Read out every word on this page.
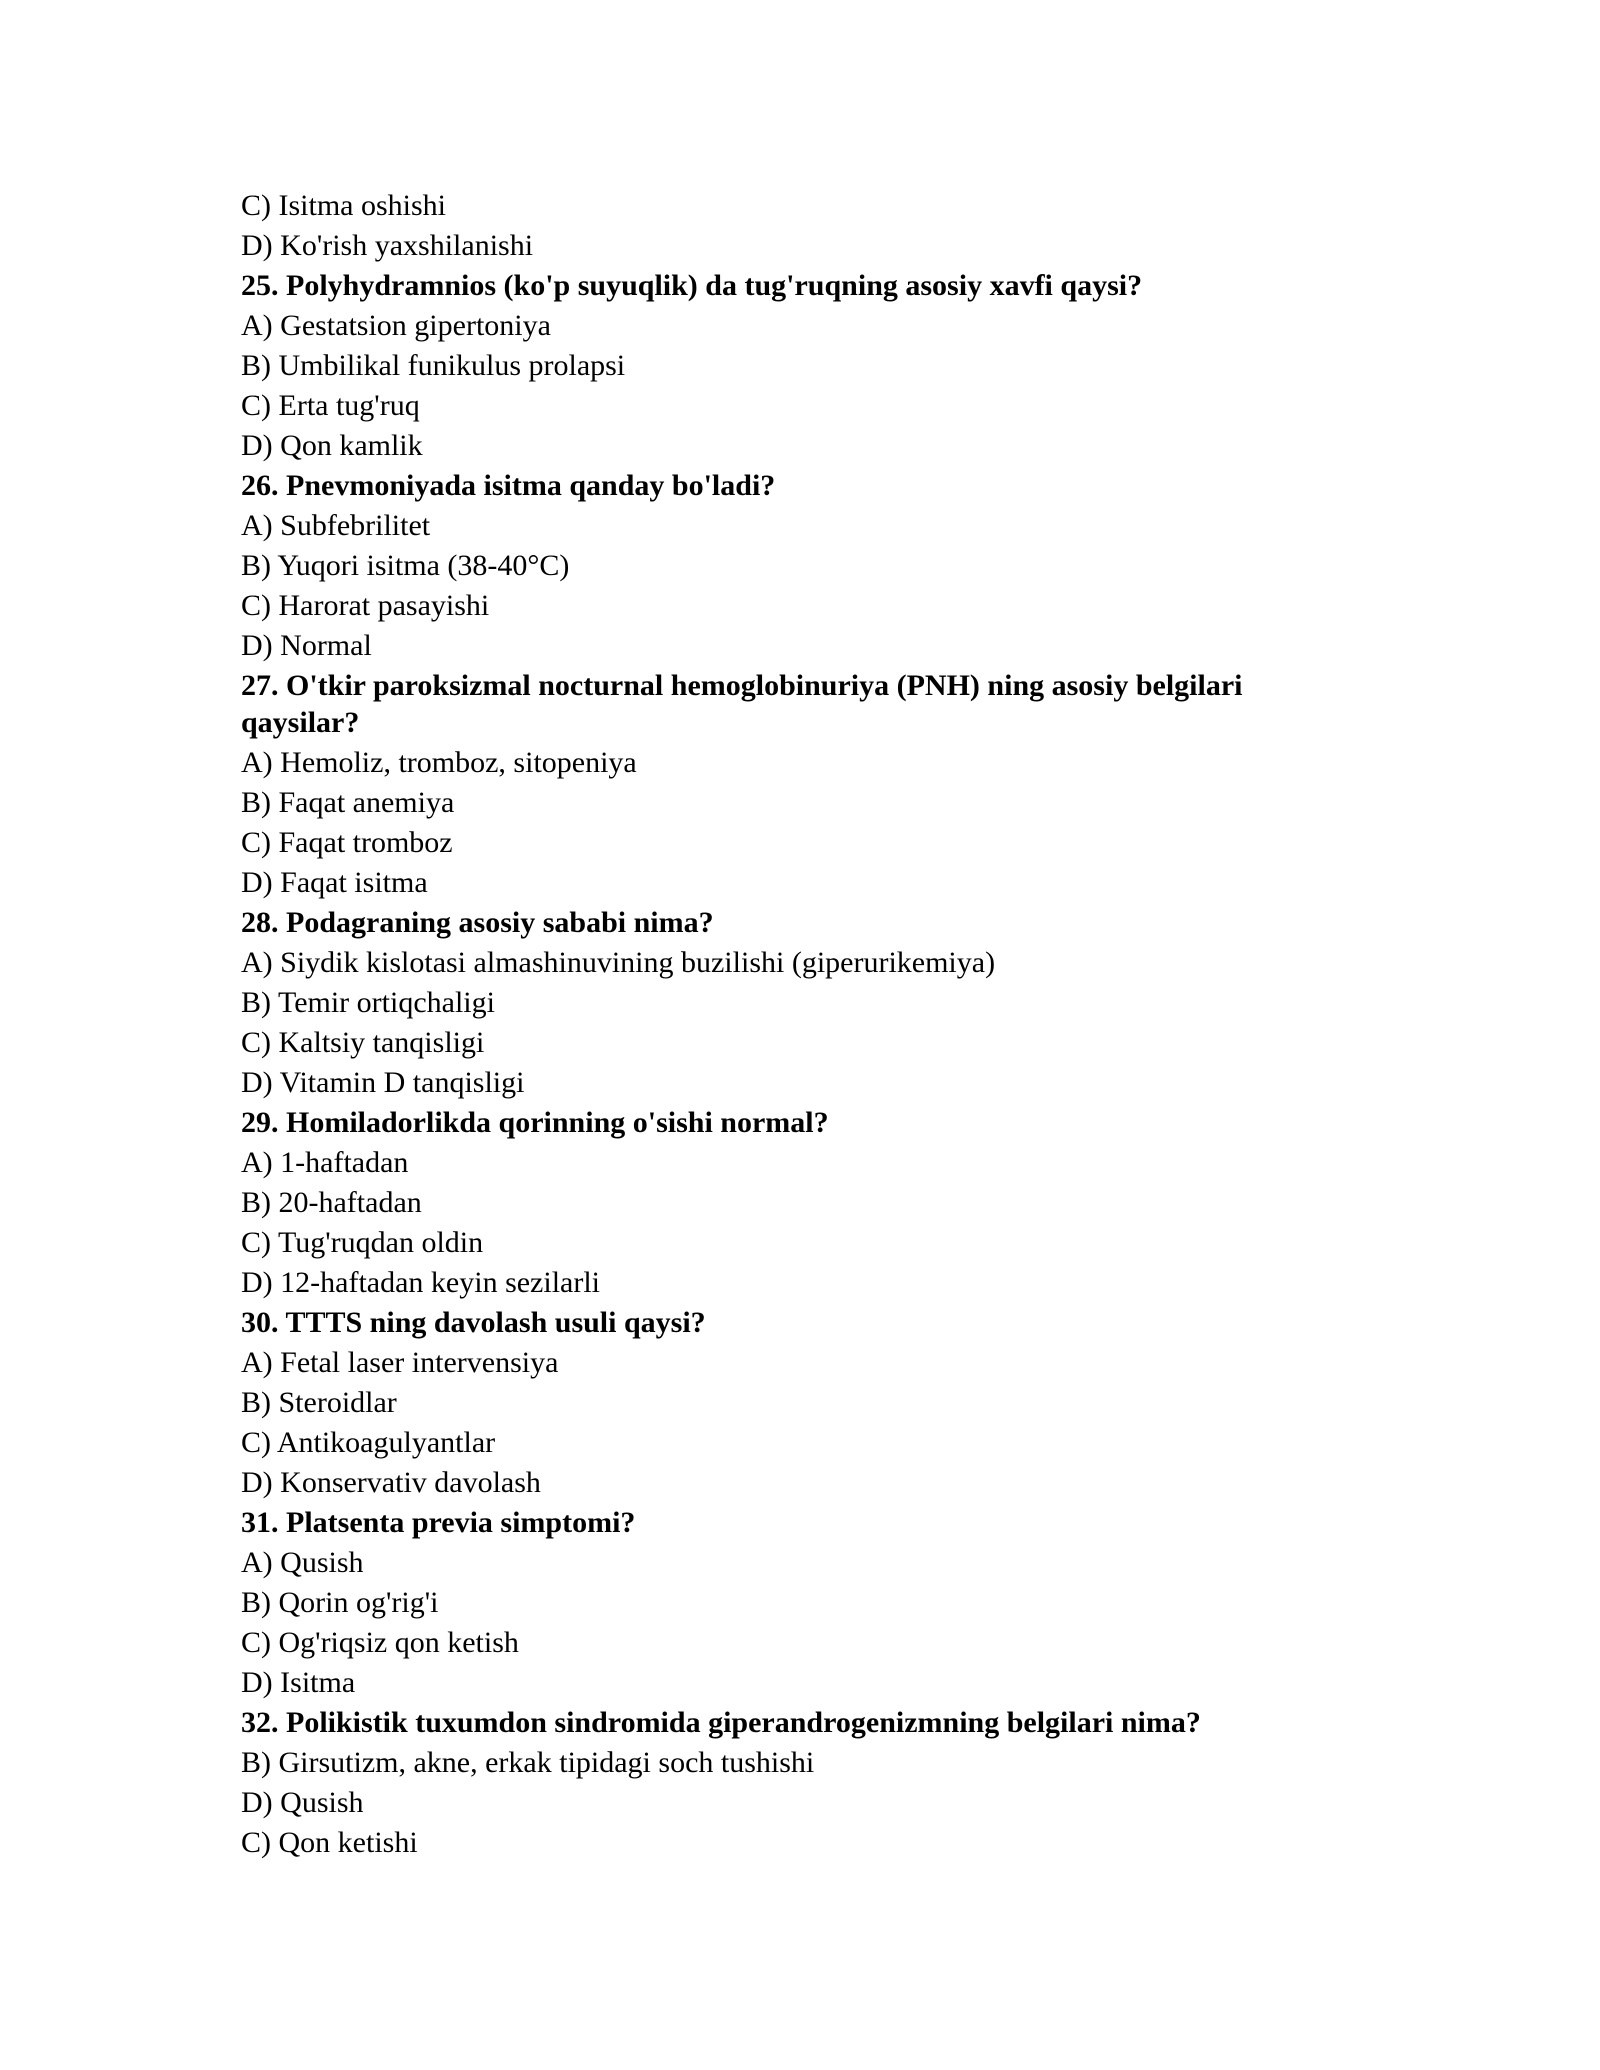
C) Isitma oshishi
D) Ko'rish yaxshilanishi
25. Polyhydramnios (ko'p suyuqlik) da tug'ruqning asosiy xavfi qaysi?
A) Gestatsion gipertoniya
B) Umbilikal funikulus prolapsi
C) Erta tug'ruq
D) Qon kamlik
26. Pnevmoniyada isitma qanday bo'ladi?
A) Subfebrilitet
B) Yuqori isitma (38-40°C)
C) Harorat pasayishi
D) Normal
27. O'tkir paroksizmal nocturnal hemoglobinuriya (PNH) ning asosiy belgilari qaysilar?
A) Hemoliz, tromboz, sitopeniya
B) Faqat anemiya
C) Faqat tromboz
D) Faqat isitma
28. Podagraning asosiy sababi nima?
A) Siydik kislotasi almashinuvining buzilishi (giperurikemiya)
B) Temir ortiqchaligi
C) Kaltsiy tanqisligi
D) Vitamin D tanqisligi
29. Homiladorlikda qorinning o'sishi normal?
A) 1-haftadan
B) 20-haftadan
C) Tug'ruqdan oldin
D) 12-haftadan keyin sezilarli
30. TTTS ning davolash usuli qaysi?
A) Fetal laser intervensiya
B) Steroidlar
C) Antikoagulyantlar
D) Konservativ davolash
31. Platsenta previa simptomi?
A) Qusish
B) Qorin og'rig'i
C) Og'riqsiz qon ketish
D) Isitma
32. Polikistik tuxumdon sindromida giperandrogenizmning belgilari nima?
B) Girsutizm, akne, erkak tipidagi soch tushishi
D) Qusish
C) Qon ketishi
